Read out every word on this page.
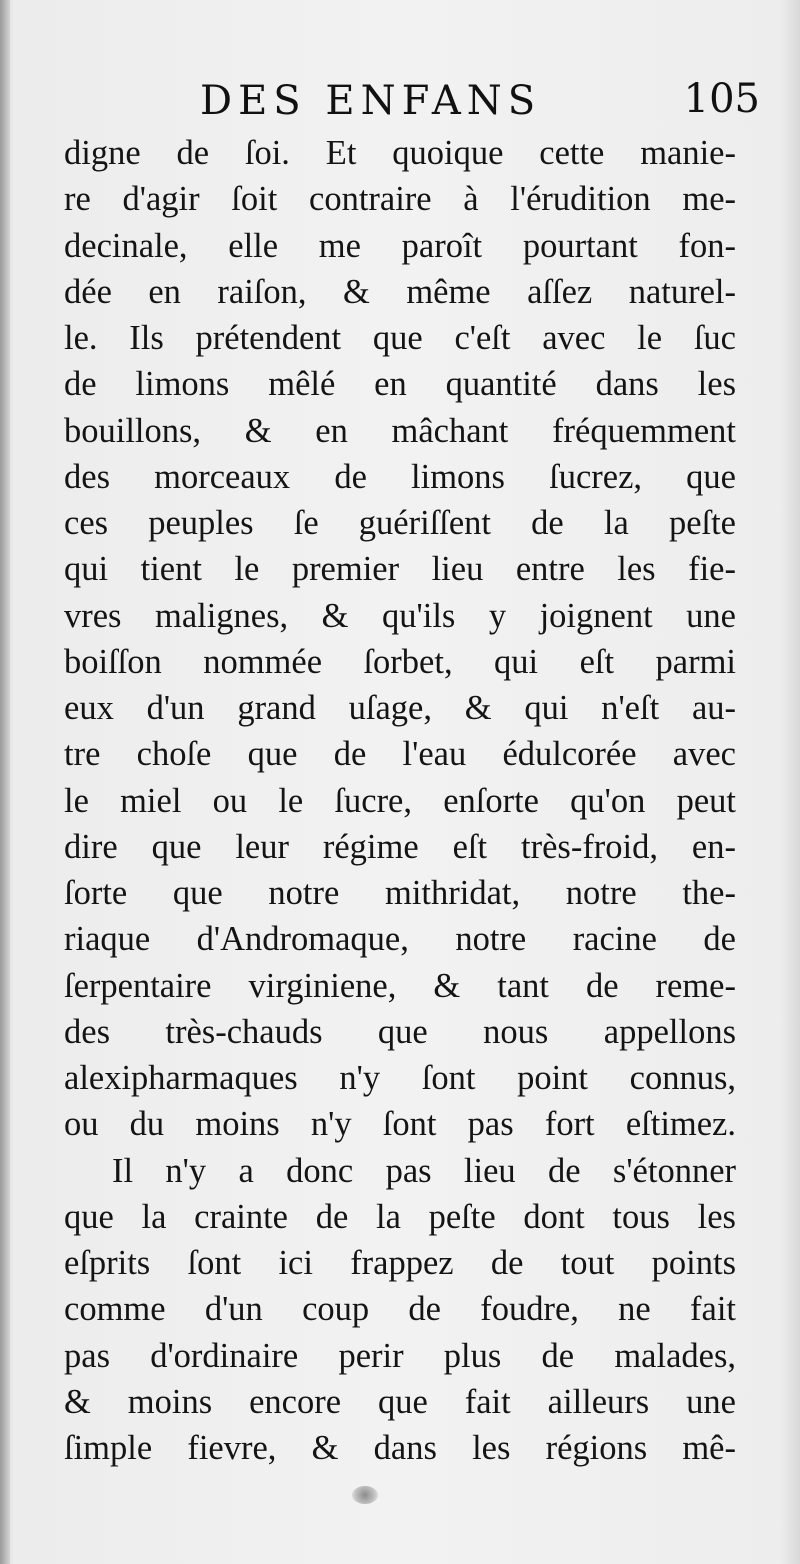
DES ENFANS	105
digne de ſoi. Et quoique cette manie-
re d'agir ſoit contraire à l'érudition me-
decinale, elle me paroît pourtant fon-
dée en raiſon, & même aſſez naturel-
le. Ils prétendent que c'eſt avec le ſuc
de limons mêlé en quantité dans les
bouillons, & en mâchant fréquemment
des morceaux de limons ſucrez, que
ces peuples ſe guériſſent de la peſte
qui tient le premier lieu entre les fie-
vres malignes, & qu'ils y joignent une
boiſſon nommée ſorbet, qui eſt parmi
eux d'un grand uſage, & qui n'eſt au-
tre choſe que de l'eau édulcorée avec
le miel ou le ſucre, enſorte qu'on peut
dire que leur régime eſt très-froid, en-
ſorte que notre mithridat, notre the-
riaque d'Andromaque, notre racine de
ſerpentaire virginiene, & tant de reme-
des très-chauds que nous appellons
alexipharmaques n'y ſont point connus,
ou du moins n'y ſont pas fort eſtimez.
Il n'y a donc pas lieu de s'étonner
que la crainte de la peſte dont tous les
eſprits ſont ici frappez de tout points
comme d'un coup de foudre, ne fait
pas d'ordinaire perir plus de malades,
& moins encore que fait ailleurs une
ſimple fievre, & dans les régions mê-
